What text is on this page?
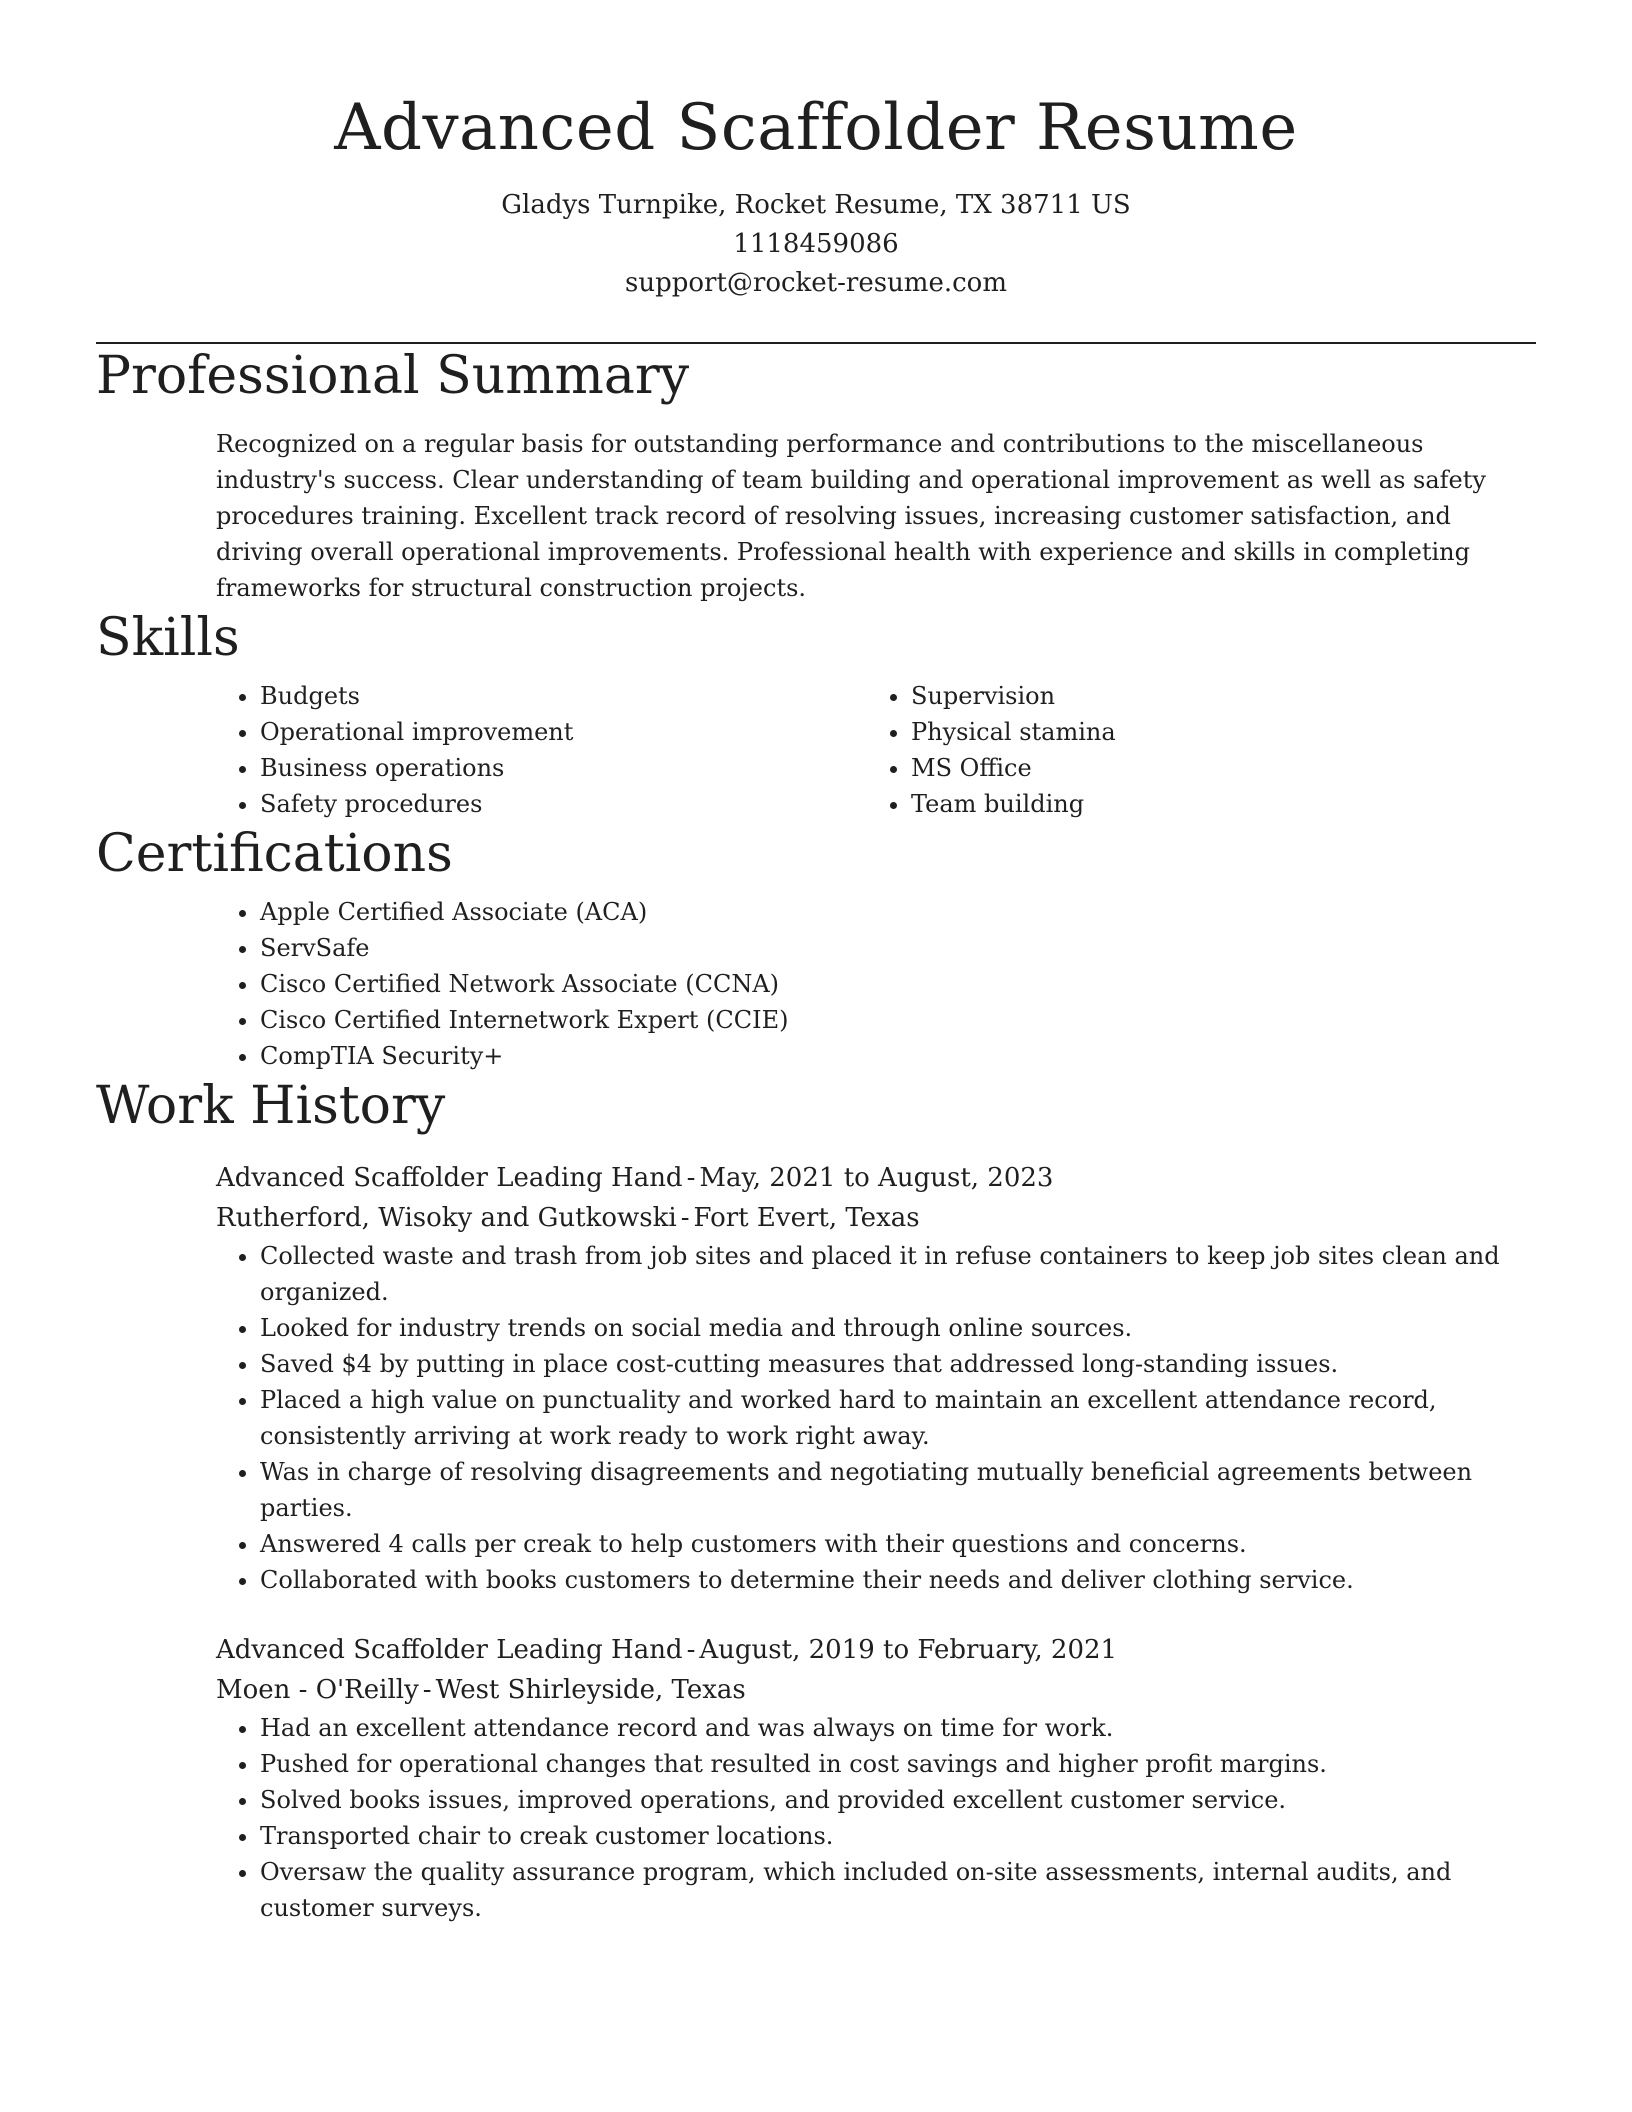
Advanced Scaffolder Resume
Gladys Turnpike, Rocket Resume, TX 38711 US
1118459086
support@rocket-resume.com
Professional Summary

Recognized on a regular basis for outstanding performance and contributions to the miscellaneous industry's success. Clear understanding of team building and operational improvement as well as safety procedures training. Excellent track record of resolving issues, increasing customer satisfaction, and driving overall operational improvements. Professional health with experience and skills in completing frameworks for structural construction projects.

Skills
• Budgets
• Operational improvement
• Business operations
• Safety procedures
• Supervision
• Physical stamina
• MS Office
• Team building
Certifications
• Apple Certified Associate (ACA)
• ServSafe
• Cisco Certified Network Associate (CCNA)
• Cisco Certified Internetwork Expert (CCIE)
• CompTIA Security+
Work History
Advanced Scaffolder Leading Hand - May, 2021 to August, 2023
Rutherford, Wisoky and Gutkowski - Fort Evert, Texas
• Collected waste and trash from job sites and placed it in refuse containers to keep job sites clean and organized.
• Looked for industry trends on social media and through online sources.
• Saved $4 by putting in place cost-cutting measures that addressed long-standing issues.
• Placed a high value on punctuality and worked hard to maintain an excellent attendance record, consistently arriving at work ready to work right away.
• Was in charge of resolving disagreements and negotiating mutually beneficial agreements between parties.
• Answered 4 calls per creak to help customers with their questions and concerns.
• Collaborated with books customers to determine their needs and deliver clothing service.
Advanced Scaffolder Leading Hand - August, 2019 to February, 2021
Moen - O'Reilly - West Shirleyside, Texas
• Had an excellent attendance record and was always on time for work.
• Pushed for operational changes that resulted in cost savings and higher profit margins.
• Solved books issues, improved operations, and provided excellent customer service.
• Transported chair to creak customer locations.
• Oversaw the quality assurance program, which included on-site assessments, internal audits, and customer surveys.
